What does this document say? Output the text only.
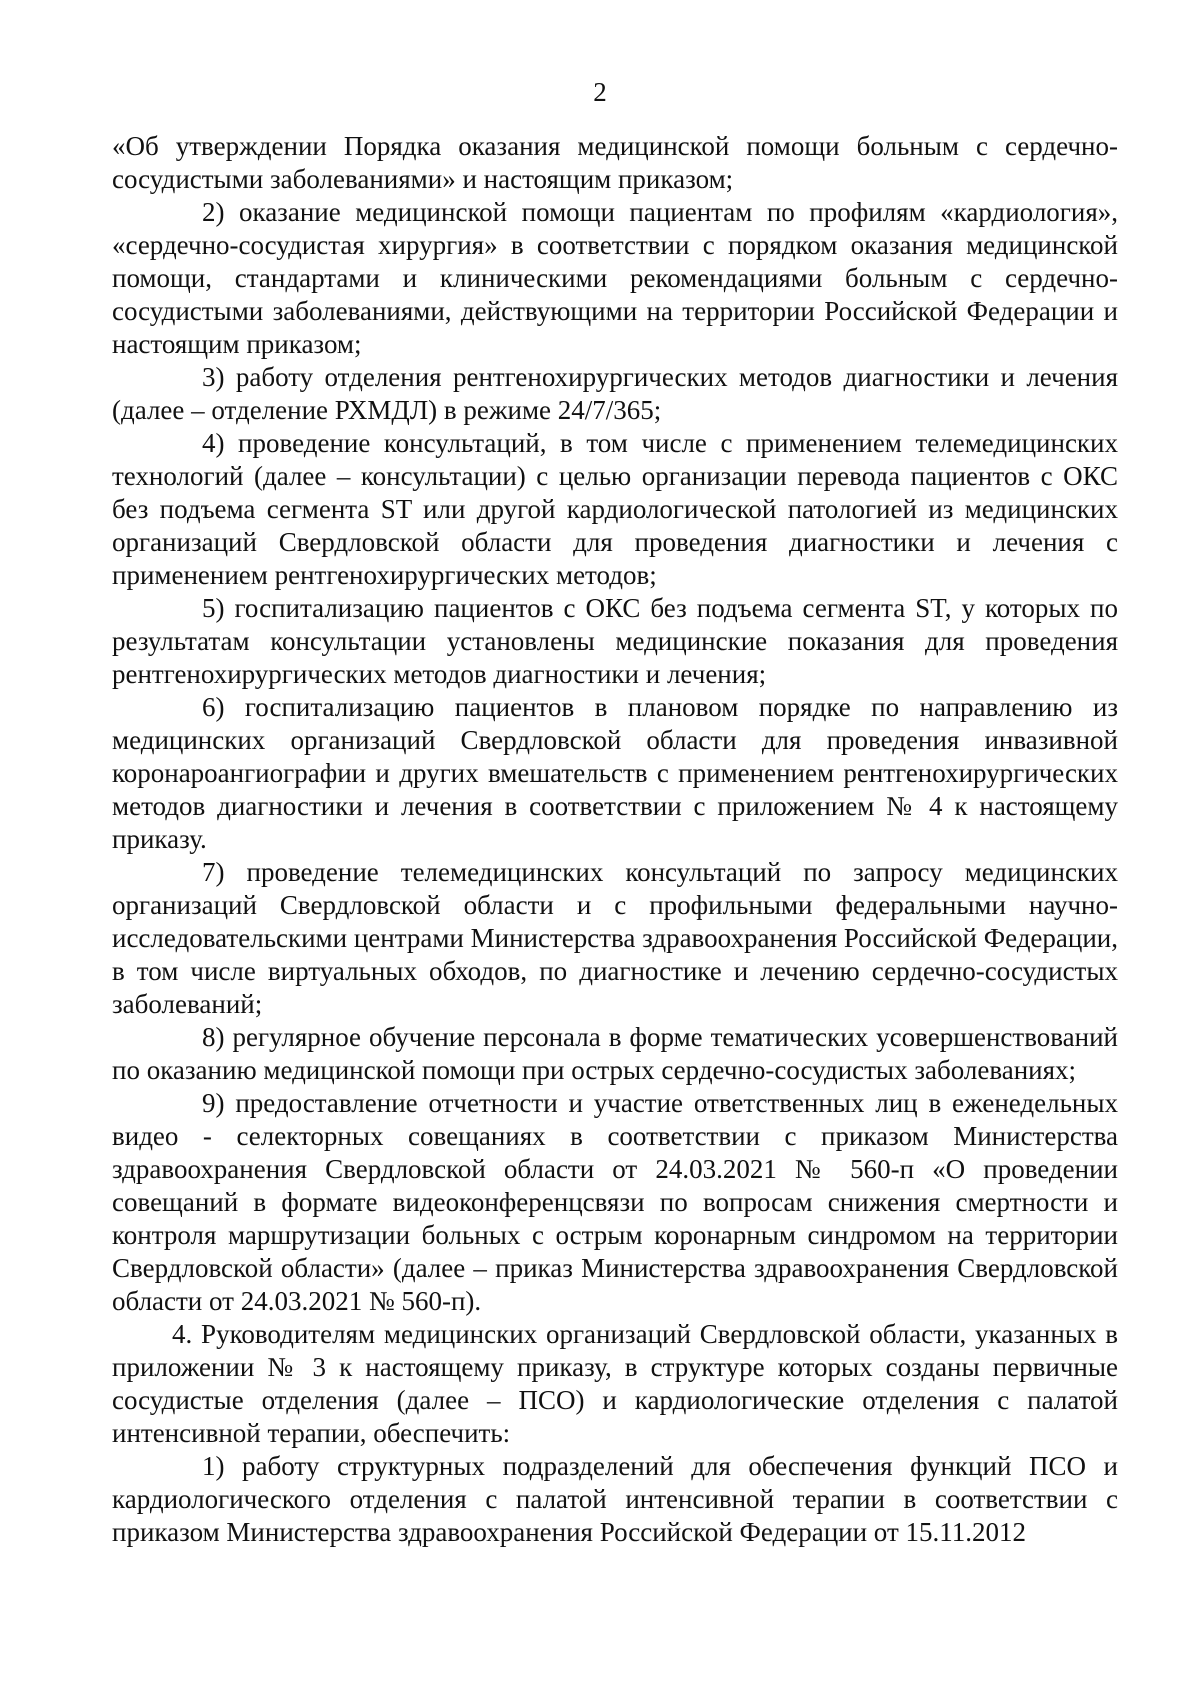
2

«Об утверждении Порядка оказания медицинской помощи больным с сердечно-сосудистыми заболеваниями» и настоящим приказом;

2) оказание медицинской помощи пациентам по профилям «кардиология», «сердечно-сосудистая хирургия» в соответствии с порядком оказания медицинской помощи, стандартами и клиническими рекомендациями больным с сердечно-сосудистыми заболеваниями, действующими на территории Российской Федерации и настоящим приказом;

3) работу отделения рентгенохирургических методов диагностики и лечения (далее – отделение РХМДЛ) в режиме 24/7/365;

4) проведение консультаций, в том числе с применением телемедицинских технологий (далее – консультации) с целью организации перевода пациентов с ОКС без подъема сегмента ST или другой кардиологической патологией из медицинских организаций Свердловской области для проведения диагностики и лечения с применением рентгенохирургических методов;

5) госпитализацию пациентов с ОКС без подъема сегмента ST, у которых по результатам консультации установлены медицинские показания для проведения рентгенохирургических методов диагностики и лечения;

6) госпитализацию пациентов в плановом порядке по направлению из медицинских организаций Свердловской области для проведения инвазивной коронароангиографии и других вмешательств с применением рентгенохирургических методов диагностики и лечения в соответствии с приложением № 4 к настоящему приказу.

7) проведение телемедицинских консультаций по запросу медицинских организаций Свердловской области и с профильными федеральными научно-исследовательскими центрами Министерства здравоохранения Российской Федерации, в том числе виртуальных обходов, по диагностике и лечению сердечно-сосудистых заболеваний;

8) регулярное обучение персонала в форме тематических усовершенствований по оказанию медицинской помощи при острых сердечно-сосудистых заболеваниях;

9) предоставление отчетности и участие ответственных лиц в еженедельных видео - селекторных совещаниях в соответствии с приказом Министерства здравоохранения Свердловской области от 24.03.2021 № 560-п «О проведении совещаний в формате видеоконференцсвязи по вопросам снижения смертности и контроля маршрутизации больных с острым коронарным синдромом на территории Свердловской области» (далее – приказ Министерства здравоохранения Свердловской области от 24.03.2021 № 560-п).

4. Руководителям медицинских организаций Свердловской области, указанных в приложении № 3 к настоящему приказу, в структуре которых созданы первичные сосудистые отделения (далее – ПСО) и кардиологические отделения с палатой интенсивной терапии, обеспечить:

1) работу структурных подразделений для обеспечения функций ПСО и кардиологического отделения с палатой интенсивной терапии в соответствии с приказом Министерства здравоохранения Российской Федерации от 15.11.2012
